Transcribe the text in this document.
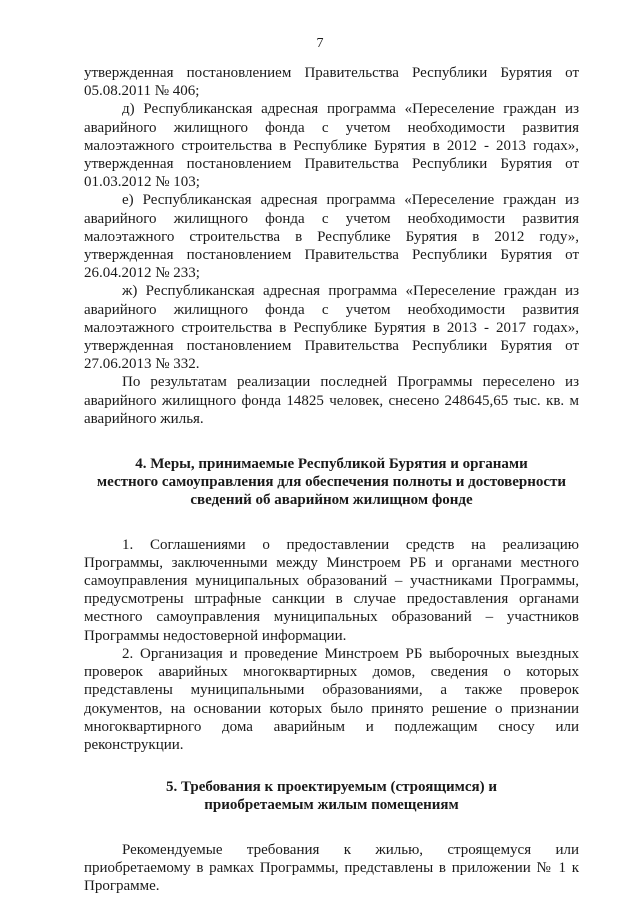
7

утвержденная постановлением Правительства Республики Бурятия от 05.08.2011 № 406;

д) Республиканская адресная программа «Переселение граждан из аварийного жилищного фонда с учетом необходимости развития малоэтажного строительства в Республике Бурятия в 2012 - 2013 годах», утвержденная постановлением Правительства Республики Бурятия от 01.03.2012 № 103;

е) Республиканская адресная программа «Переселение граждан из аварийного жилищного фонда с учетом необходимости развития малоэтажного строительства в Республике Бурятия в 2012 году», утвержденная постановлением Правительства Республики Бурятия от 26.04.2012 № 233;

ж) Республиканская адресная программа «Переселение граждан из аварийного жилищного фонда с учетом необходимости развития малоэтажного строительства в Республике Бурятия в 2013 - 2017 годах», утвержденная постановлением Правительства Республики Бурятия от 27.06.2013 № 332.

По результатам реализации последней Программы переселено из аварийного жилищного фонда 14825 человек, снесено 248645,65 тыс. кв. м аварийного жилья.

4. Меры, принимаемые Республикой Бурятия и органами

местного самоуправления для обеспечения полноты и достоверности

сведений об аварийном жилищном фонде

1. Соглашениями о предоставлении средств на реализацию Программы, заключенными между Минстроем РБ и органами местного самоуправления муниципальных образований – участниками Программы, предусмотрены штрафные санкции в случае предоставления органами местного самоуправления муниципальных образований – участников Программы недостоверной информации.

2. Организация и проведение Минстроем РБ выборочных выездных проверок аварийных многоквартирных домов, сведения о которых представлены муниципальными образованиями, а также проверок документов, на основании которых было принято решение о признании многоквартирного дома аварийным и подлежащим сносу или реконструкции.

5. Требования к проектируемым (строящимся) и

приобретаемым жилым помещениям

Рекомендуемые требования к жилью, строящемуся или приобретаемому в рамках Программы, представлены в приложении № 1 к Программе.
